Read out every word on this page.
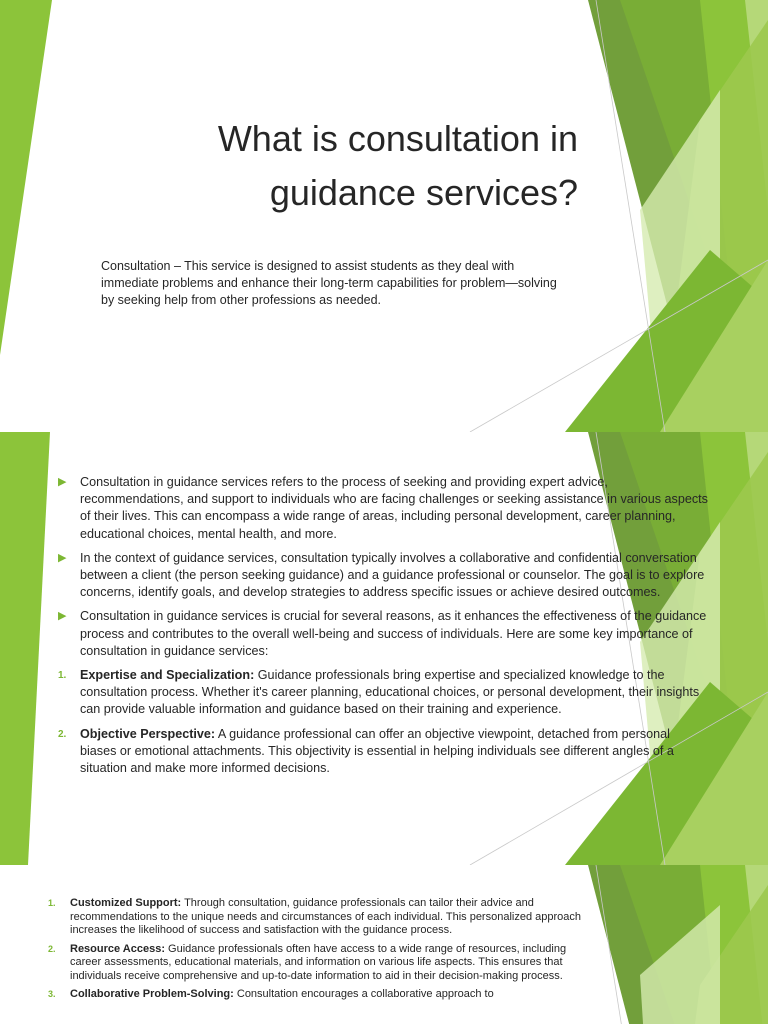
What is consultation in
guidance services?

Consultation – This service is designed to assist students as they deal with immediate problems and enhance their long-term capabilities for problem—solving by seeking help from other professions as needed.

▶ Consultation in guidance services refers to the process of seeking and providing expert advice, recommendations, and support to individuals who are facing challenges or seeking assistance in various aspects of their lives. This can encompass a wide range of areas, including personal development, career planning, educational choices, mental health, and more.
▶ In the context of guidance services, consultation typically involves a collaborative and confidential conversation between a client (the person seeking guidance) and a guidance professional or counselor. The goal is to explore concerns, identify goals, and develop strategies to address specific issues or achieve desired outcomes.
▶ Consultation in guidance services is crucial for several reasons, as it enhances the effectiveness of the guidance process and contributes to the overall well-being and success of individuals. Here are some key importance of consultation in guidance services:
1. Expertise and Specialization: Guidance professionals bring expertise and specialized knowledge to the consultation process. Whether it's career planning, educational choices, or personal development, their insights can provide valuable information and guidance based on their training and experience.
2. Objective Perspective: A guidance professional can offer an objective viewpoint, detached from personal biases or emotional attachments. This objectivity is essential in helping individuals see different angles of a situation and make more informed decisions.
1. Customized Support: Through consultation, guidance professionals can tailor their advice and recommendations to the unique needs and circumstances of each individual. This personalized approach increases the likelihood of success and satisfaction with the guidance process.
2. Resource Access: Guidance professionals often have access to a wide range of resources, including career assessments, educational materials, and information on various life aspects. This ensures that individuals receive comprehensive and up-to-date information to aid in their decision-making process.
3. Collaborative Problem-Solving: Consultation encourages a collaborative approach to
